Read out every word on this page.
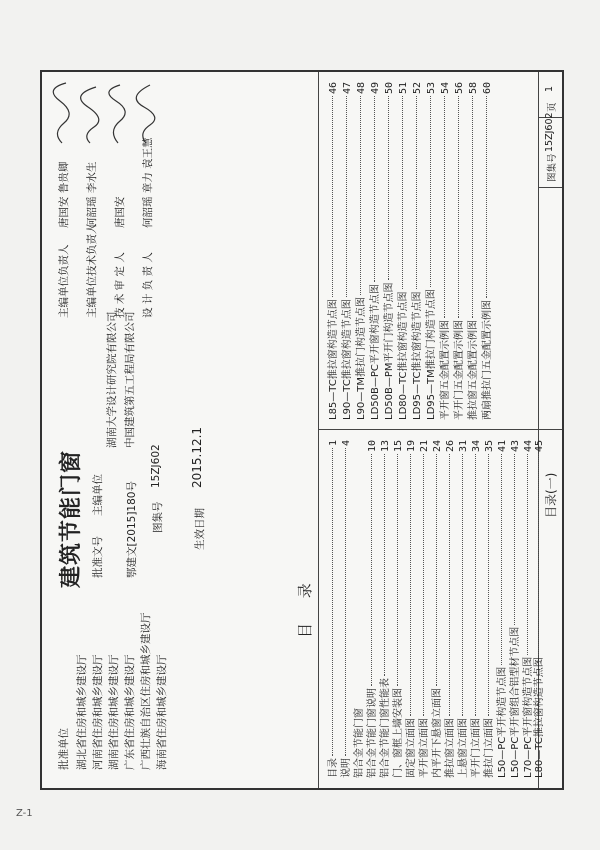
Z-1
建筑节能门窗
批准单位 湖北省住房和城乡建设厅 河南省住房和城乡建设厅 湖南省住房和城乡建设厅 广东省住房和城乡建设厅 广西壮族自治区住房和城乡建设厅 海南省住房和城乡建设厅
批准文号 鄂建文[2015]180号 图集号
15ZJ602
主编单位
湖南大学设计研究院有限公司 中国建筑第五工程局有限公司
生效日期
2015.12.1
主编单位负责人 主编单位技术负责人 技 术 审 定 人 设 计 负 责 人
唐国安 鲁贵卿 何韶瑶 李水生 唐国安 何韶瑶 章力 袁王慧
目 录
目录
1
说明
4
铝合金节能门窗 铝合金节能门窗说明
10
铝合金节能门窗性能表
13
门、窗框上墙安装图
15
固定窗立面图
19
平开窗立面图
21
内平开下悬窗立面图
24
推拉窗立面图
26
上悬窗立面图
31
平开门立面图
34
推拉门立面图
35
L50—PC平开构造节点图
41
L50—PC平开窗组合铝型材节点图
43
L70—PC平开窗构造节点图
44
L85—TC推拉窗构造节点图
46
L90—TC推拉窗构造节点图
47
L90—TM推拉门构造节点图
48
LD50B—PC平开窗构造节点图
49
LD50B—PM平开门构造节点图
50
LD80—TC推拉窗构造节点图
51
LD95—TC推拉窗构造节点图
52
LD95—TM推拉门构造节点图
53
平开窗五金配置示例图
54
平开门五金配置示例图
56
推拉窗五金配置示例图
58
两扇推拉门五金配置示例图
60
L80—TC推拉窗构造节点图
45
目录(一)
图集号
15ZJ602
页
1
